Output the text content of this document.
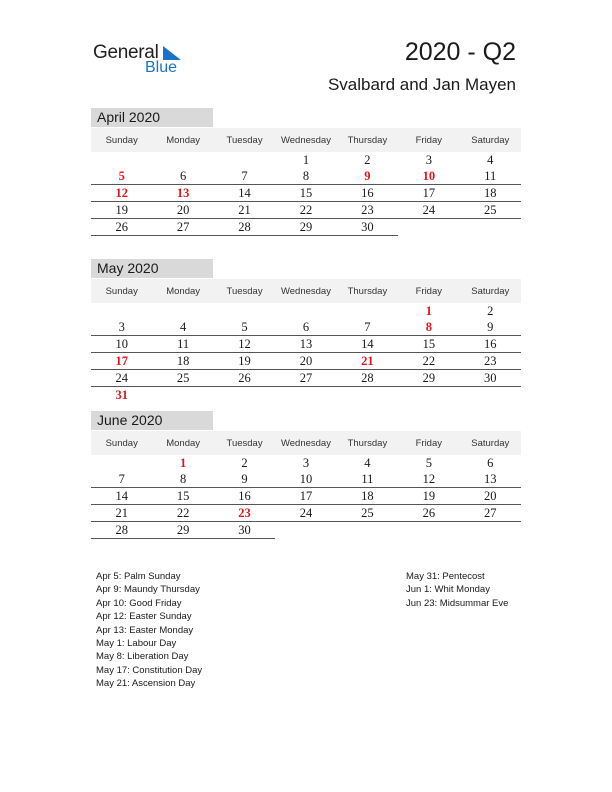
General
Blue
2020 - Q2
Svalbard and Jan Mayen
April 2020
Sunday	Monday	Tuesday	Wednesday	Thursday	Friday	Saturday
			1	2	3	4
5	6	7	8	9	10	11
12	13	14	15	16	17	18
19	20	21	22	23	24	25
26	27	28	29	30		
May 2020
Sunday	Monday	Tuesday	Wednesday	Thursday	Friday	Saturday
					1	2
3	4	5	6	7	8	9
10	11	12	13	14	15	16
17	18	19	20	21	22	23
24	25	26	27	28	29	30
31						
June 2020
Sunday	Monday	Tuesday	Wednesday	Thursday	Friday	Saturday
	1	2	3	4	5	6
7	8	9	10	11	12	13
14	15	16	17	18	19	20
21	22	23	24	25	26	27
28	29	30				
Apr 5: Palm Sunday
Apr 9: Maundy Thursday
Apr 10: Good Friday
Apr 12: Easter Sunday
Apr 13: Easter Monday
May 1: Labour Day
May 8: Liberation Day
May 17: Constitution Day
May 21: Ascension Day
May 31: Pentecost
Jun 1: Whit Monday
Jun 23: Midsummar Eve
